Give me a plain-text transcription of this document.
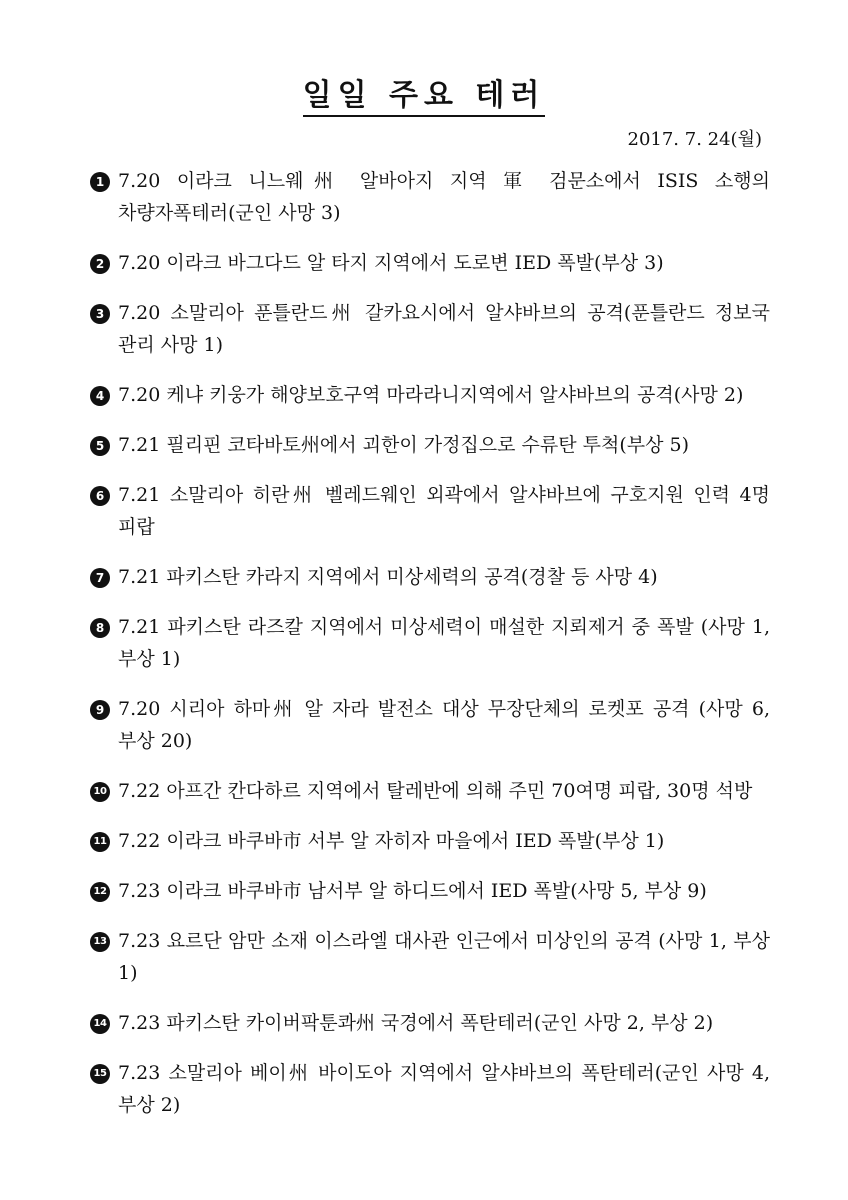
일일 주요 테러
2017. 7. 24(월)
1 7.20 이라크 니느웨州 알바아지 지역 軍 검문소에서 ISIS 소행의 차량자폭테러(군인 사망 3)
2 7.20 이라크 바그다드 알 타지 지역에서 도로변 IED 폭발(부상 3)
3 7.20 소말리아 푼틀란드州 갈카요시에서 알샤바브의 공격(푼틀란드 정보국 관리 사망 1)
4 7.20 케냐 키웅가 해양보호구역 마라라니지역에서 알샤바브의 공격(사망 2)
5 7.21 필리핀 코타바토州에서 괴한이 가정집으로 수류탄 투척(부상 5)
6 7.21 소말리아 히란州 벨레드웨인 외곽에서 알샤바브에 구호지원 인력 4명 피랍
7 7.21 파키스탄 카라지 지역에서 미상세력의 공격(경찰 등 사망 4)
8 7.21 파키스탄 라즈칼 지역에서 미상세력이 매설한 지뢰제거 중 폭발 (사망 1, 부상 1)
9 7.20 시리아 하마州 알 자라 발전소 대상 무장단체의 로켓포 공격 (사망 6, 부상 20)
10 7.22 아프간 칸다하르 지역에서 탈레반에 의해 주민 70여명 피랍, 30명 석방
11 7.22 이라크 바쿠바市 서부 알 자히자 마을에서 IED 폭발(부상 1)
12 7.23 이라크 바쿠바市 남서부 알 하디드에서 IED 폭발(사망 5, 부상 9)
13 7.23 요르단 암만 소재 이스라엘 대사관 인근에서 미상인의 공격 (사망 1, 부상 1)
14 7.23 파키스탄 카이버팍툰콰州 국경에서 폭탄테러(군인 사망 2, 부상 2)
15 7.23 소말리아 베이州 바이도아 지역에서 알샤바브의 폭탄테러(군인 사망 4, 부상 2)
